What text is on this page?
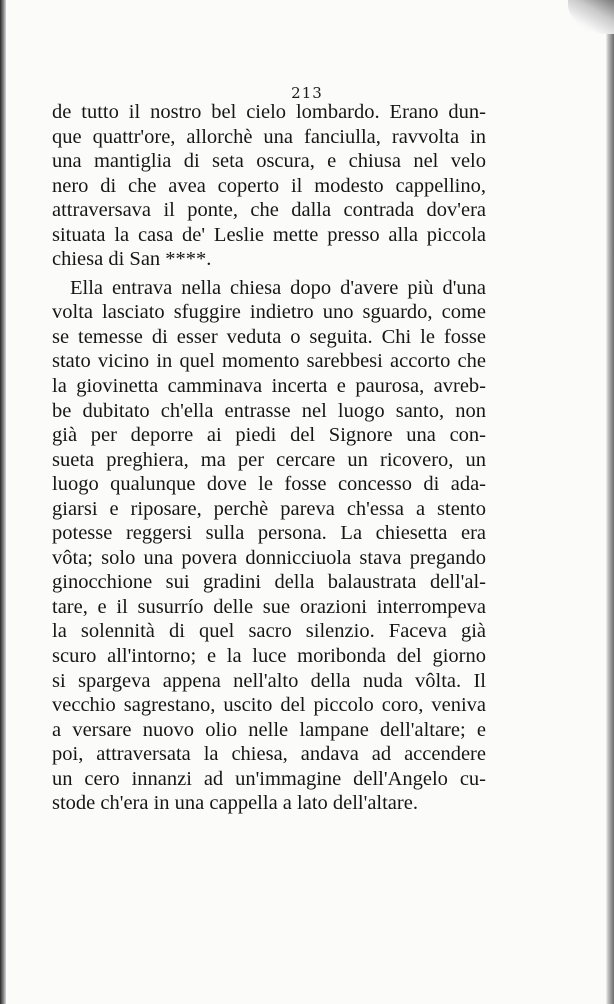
213
de tutto il nostro bel cielo lombardo. Erano dun-
que quattr'ore, allorchè una fanciulla, ravvolta in
una mantiglia di seta oscura, e chiusa nel velo
nero di che avea coperto il modesto cappellino,
attraversava il ponte, che dalla contrada dov'era
situata la casa de' Leslie mette presso alla piccola
chiesa di San ****.
Ella entrava nella chiesa dopo d'avere più d'una
volta lasciato sfuggire indietro uno sguardo, come
se temesse di esser veduta o seguita. Chi le fosse
stato vicino in quel momento sarebbesi accorto che
la giovinetta camminava incerta e paurosa, avreb-
be dubitato ch'ella entrasse nel luogo santo, non
già per deporre ai piedi del Signore una con-
sueta preghiera, ma per cercare un ricovero, un
luogo qualunque dove le fosse concesso di ada-
giarsi e riposare, perchè pareva ch'essa a stento
potesse reggersi sulla persona. La chiesetta era
vôta; solo una povera donnicciuola stava pregando
ginocchione sui gradini della balaustrata dell'al-
tare, e il susurrío delle sue orazioni interrompeva
la solennità di quel sacro silenzio. Faceva già
scuro all'intorno; e la luce moribonda del giorno
si spargeva appena nell'alto della nuda vôlta. Il
vecchio sagrestano, uscito del piccolo coro, veniva
a versare nuovo olio nelle lampane dell'altare; e
poi, attraversata la chiesa, andava ad accendere
un cero innanzi ad un'immagine dell'Angelo cu-
stode ch'era in una cappella a lato dell'altare.
